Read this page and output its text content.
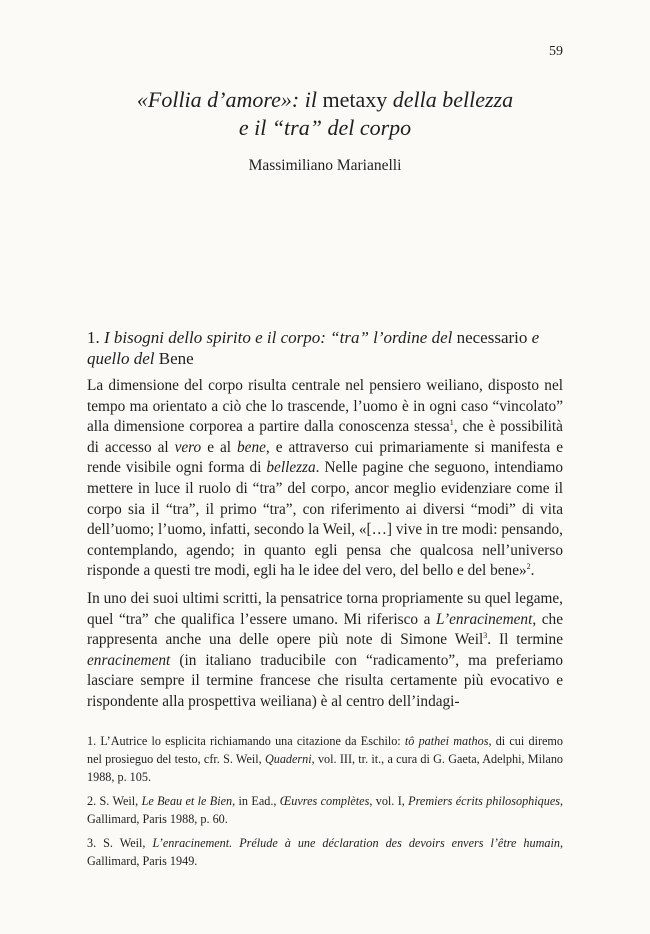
59
«Follia d’amore»: il metaxy della bellezza
e il “tra” del corpo
Massimiliano Marianelli
1. I bisogni dello spirito e il corpo: “tra” l’ordine del necessario e quello del Bene

La dimensione del corpo risulta centrale nel pensiero weiliano, disposto nel tempo ma orientato a ciò che lo trascende, l’uomo è in ogni caso “vincolato” alla dimensione corporea a partire dalla conoscenza stessa$^1$, che è possibilità di accesso al vero e al bene, e attraverso cui primariamente si manifesta e rende visibile ogni forma di bellezza. Nelle pagine che seguono, intendiamo mettere in luce il ruolo di “tra” del corpo, ancor meglio evidenziare come il corpo sia il “tra”, il primo “tra”, con riferimento ai diversi “modi” di vita dell’uomo; l’uomo, infatti, secondo la Weil, «[…] vive in tre modi: pensando, contemplando, agendo; in quanto egli pensa che qualcosa nell’universo risponde a questi tre modi, egli ha le idee del vero, del bello e del bene»$^2$.

In uno dei suoi ultimi scritti, la pensatrice torna propriamente su quel legame, quel “tra” che qualifica l’essere umano. Mi riferisco a L’enracinement, che rappresenta anche una delle opere più note di Simone Weil$^3$. Il termine enracinement (in italiano traducibile con “radicamento”, ma preferiamo lasciare sempre il termine francese che risulta certamente più evocativo e rispondente alla prospettiva weiliana) è al centro dell’indagi-

1. L’Autrice lo esplicita richiamando una citazione da Eschilo: tô pathei mathos, di cui diremo nel prosieguo del testo, cfr. S. Weil, Quaderni, vol. III, tr. it., a cura di G. Gaeta, Adelphi, Milano 1988, p. 105.

2. S. Weil, Le Beau et le Bien, in Ead., Œuvres complètes, vol. I, Premiers écrits philosophiques, Gallimard, Paris 1988, p. 60.

3. S. Weil, L’enracinement. Prélude à une déclaration des devoirs envers l’être humain, Gallimard, Paris 1949.
